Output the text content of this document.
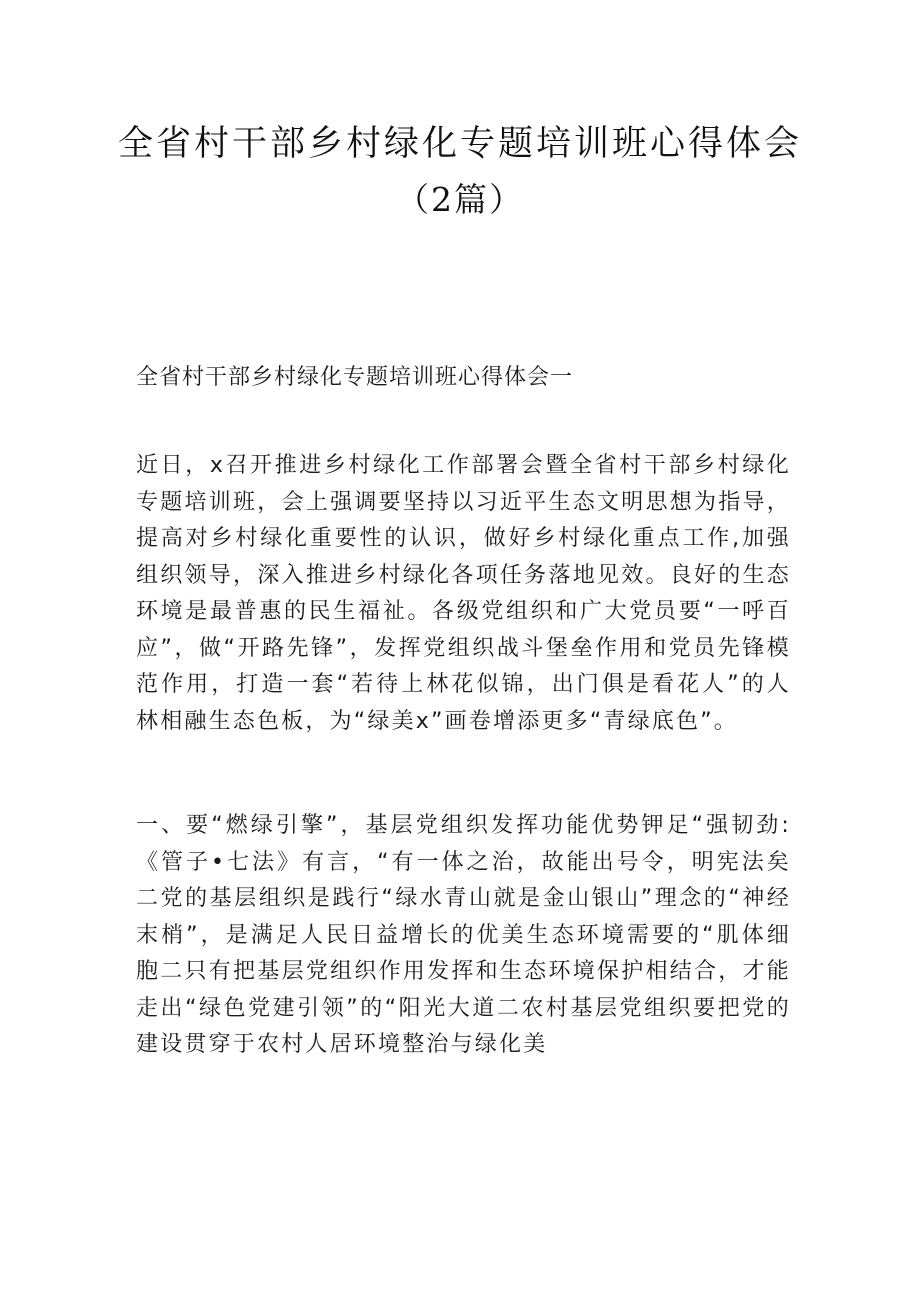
全省村干部乡村绿化专题培训班心得体会
（2篇）

全省村干部乡村绿化专题培训班心得体会一

近日，x召开推进乡村绿化工作部署会暨全省村干部乡村绿化专题培训班，会上强调要坚持以习近平生态文明思想为指导，提高对乡村绿化重要性的认识，做好乡村绿化重点工作,加强组织领导，深入推进乡村绿化各项任务落地见效。良好的生态环境是最普惠的民生福祉。各级党组织和广大党员要“一呼百应”，做“开路先锋”，发挥党组织战斗堡垒作用和党员先锋模范作用，打造一套“若待上林花似锦，出门俱是看花人”的人林相融生态色板，为“绿美x”画卷增添更多“青绿底色”。

一、要“燃绿引擎”，基层党组织发挥功能优势钾足“强韧劲:《管子•七法》有言，“有一体之治，故能出号令，明宪法矣二党的基层组织是践行“绿水青山就是金山银山”理念的“神经末梢”，是满足人民日益增长的优美生态环境需要的“肌体细胞二只有把基层党组织作用发挥和生态环境保护相结合，才能走出“绿色党建引领”的“阳光大道二农村基层党组织要把党的建设贯穿于农村人居环境整治与绿化美
